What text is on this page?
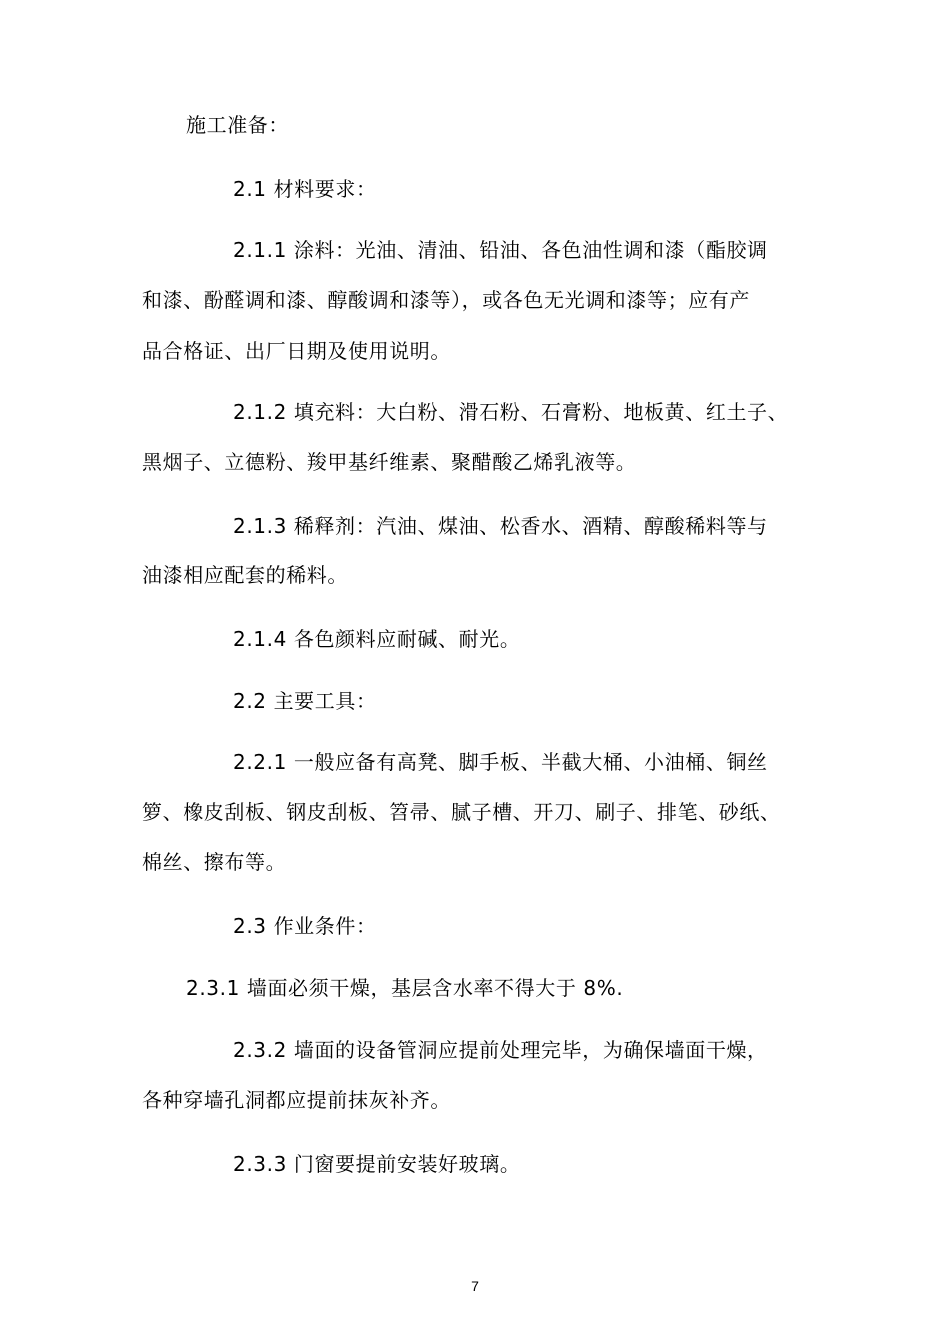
施工准备：
2.1 材料要求：
2.1.1 涂料：光油、清油、铅油、各色油性调和漆（酯胶调
和漆、酚醛调和漆、醇酸调和漆等），或各色无光调和漆等；应有产
品合格证、出厂日期及使用说明。
2.1.2 填充料：大白粉、滑石粉、石膏粉、地板黄、红土子、
黑烟子、立德粉、羧甲基纤维素、聚醋酸乙烯乳液等。
2.1.3 稀释剂：汽油、煤油、松香水、酒精、醇酸稀料等与
油漆相应配套的稀料。
2.1.4 各色颜料应耐碱、耐光。
2.2 主要工具：
2.2.1 一般应备有高凳、脚手板、半截大桶、小油桶、铜丝
箩、橡皮刮板、钢皮刮板、笤帚、腻子槽、开刀、刷子、排笔、砂纸、
棉丝、擦布等。
2.3 作业条件：
2.3.1 墙面必须干燥，基层含水率不得大于 8%.
2.3.2 墙面的设备管洞应提前处理完毕，为确保墙面干燥，
各种穿墙孔洞都应提前抹灰补齐。
2.3.3 门窗要提前安装好玻璃。
7
